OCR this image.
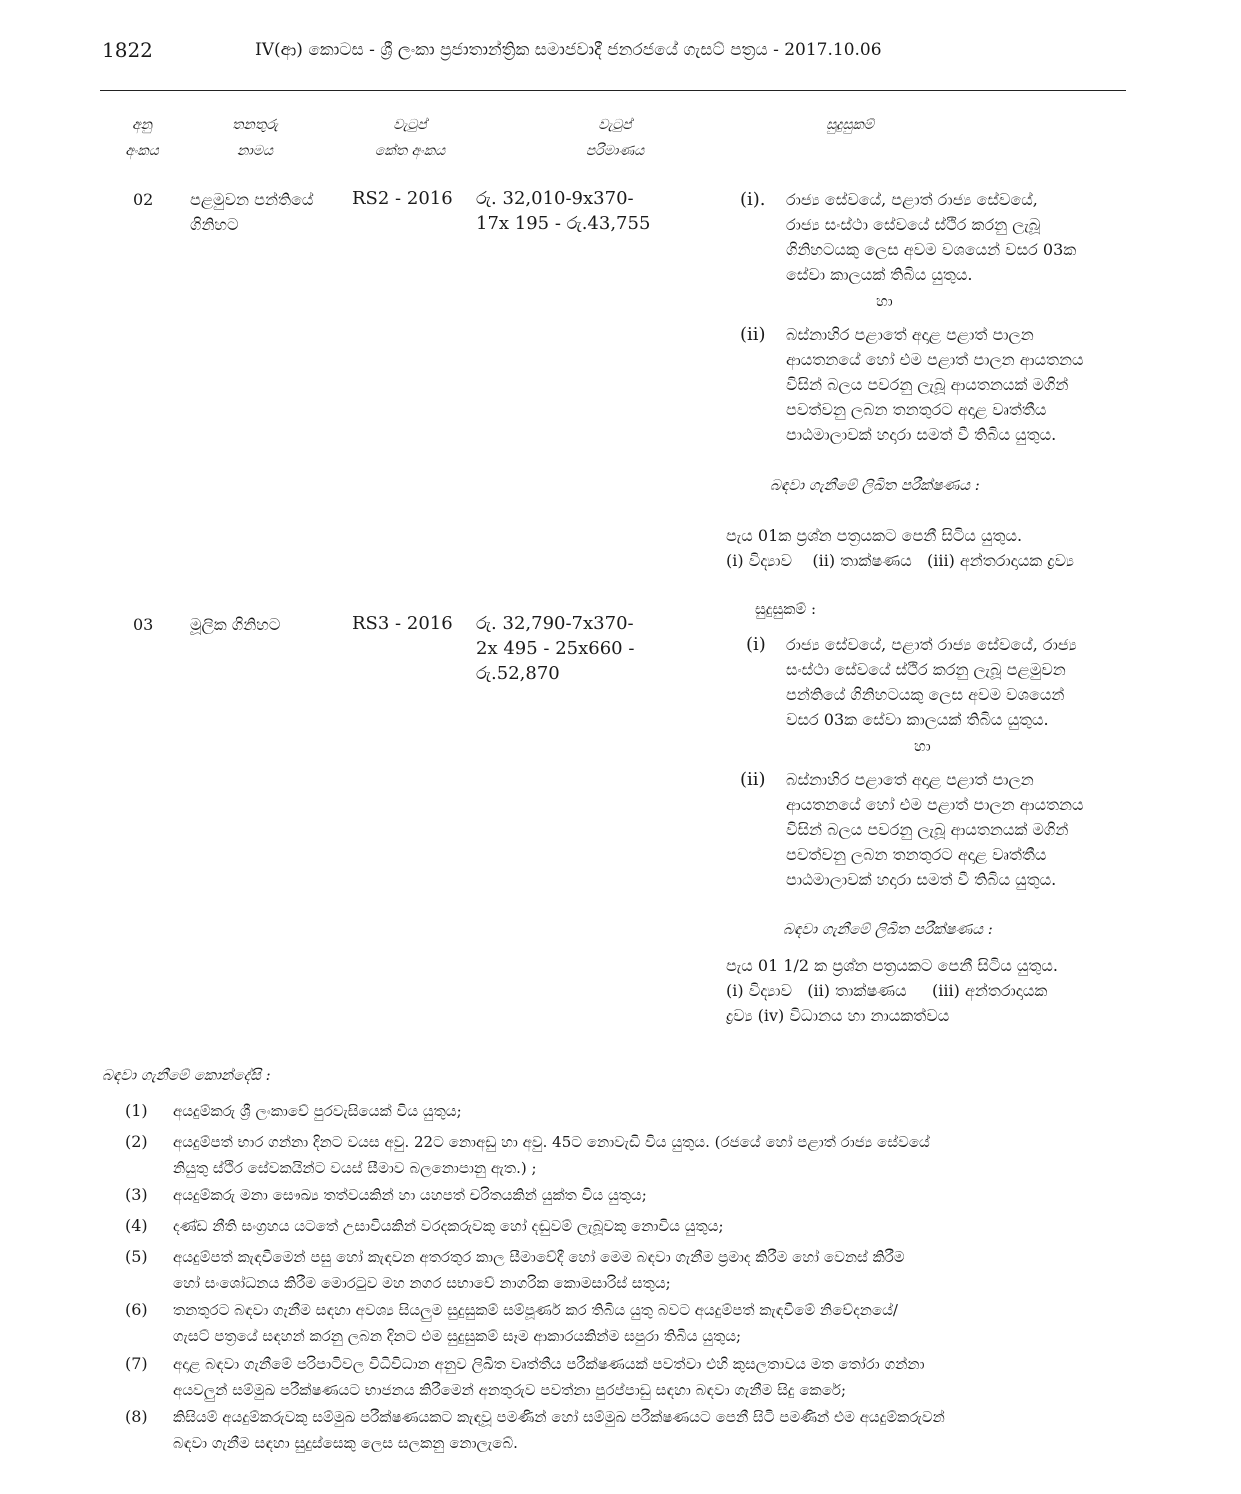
1822	IV(ආ) කොටස - ශ්‍රී ලංකා ප්‍රජාතාන්ත්‍රික සමාජවාදී ජනරජයේ ගැසට් පත්‍රය - 2017.10.06
අනු
අංකය
තනතුරු
නාමය
වැටුප්
කේත අංකය
වැටුප්
පරිමාණය
සුදුසුකම්
02 පළමුවන පන්තියේ
ගිනිහට
RS2 - 2016 රු. 32,010-9x370-
17x 195 - රු.43,755
(i). රාජ්‍ය සේවයේ, පළාත් රාජ්‍ය සේවයේ,
රාජ්‍ය සංස්ථා සේවයේ ස්ථිර කරනු ලැබූ
ගිනිහටයකු ලෙස අවම වශයෙන් වසර 03ක
සේවා කාලයක් තිබිය යුතුය.
හා
(ii) බස්නාහිර පළාතේ අදාළ පළාත් පාලන
ආයතනයේ හෝ එම පළාත් පාලන ආයතනය
විසින් බලය පවරනු ලැබූ ආයතනයක් මගින්
පවත්වනු ලබන තනතුරට අදාළ වෘත්තීය
පාඨමාලාවක් හදාරා සමත් වී තිබිය යුතුය.
බඳවා ගැනීමේ ලිඛිත පරීක්ෂණය :
පැය 01ක ප්‍රශ්න පත්‍රයකට පෙනී සිටිය යුතුය.
(i) විද්‍යාව    (ii) තාක්ෂණය   (iii) අන්තරාදායක ද්‍රව්‍ය
03 මූලික ගිනිහට	RS3 - 2016 රු. 32,790-7x370-
2x 495 - 25x660 -
රු.52,870
සුදුසුකම් :
(i) රාජ්‍ය සේවයේ, පළාත් රාජ්‍ය සේවයේ, රාජ්‍ය
සංස්ථා සේවයේ ස්ථිර කරනු ලැබූ පළමුවන
පන්තියේ ගිනිහටයකු ලෙස අවම වශයෙන්
වසර 03ක සේවා කාලයක් තිබිය යුතුය.
හා
(ii) බස්නාහිර පළාතේ අදාළ පළාත් පාලන
ආයතනයේ හෝ එම පළාත් පාලන ආයතනය
විසින් බලය පවරනු ලැබූ ආයතනයක් මගින්
පවත්වනු ලබන තනතුරට අදාළ වෘත්තීය
පාඨමාලාවක් හදාරා සමත් වී තිබිය යුතුය.
බඳවා ගැනීමේ ලිඛිත පරීක්ෂණය :
පැය 01 1/2 ක ප්‍රශ්න පත්‍රයකට පෙනී සිටිය යුතුය.
(i) විද්‍යාව   (ii) තාක්ෂණය     (iii) අන්තරාදායක
ද්‍රව්‍ය (iv) විධානය හා නායකත්වය
බඳවා ගැනීමේ කොන්දේසි :
(1) අයදුම්කරු ශ්‍රී ලංකාවේ පුරවැසියෙක් විය යුතුය;
(2) අයදුම්පත් භාර ගන්නා දිනට වයස අවු. 22ට නොඅඩු හා අවු. 45ට නොවැඩි විය යුතුය. (රජයේ හෝ පළාත් රාජ්‍ය සේවයේ
නියුතු ස්ථිර සේවකයින්ට වයස් සීමාව බලනොපානු ඇත.) ;
(3) අයදුම්කරු මනා සෞඛ්‍ය තත්වයකින් හා යහපත් චරිතයකින් යුක්ත විය යුතුය;
(4) දණ්ඩ නීති සංග්‍රහය යටතේ උසාවියකින් වරදකරුවකු හෝ දඬුවම් ලැබූවකු නොවිය යුතුය;
(5) අයදුම්පත් කැඳවීමෙන් පසු හෝ කැඳවන අතරතුර කාල සීමාවේදී හෝ මෙම බඳවා ගැනීම ප්‍රමාද කිරීම හෝ වෙනස් කිරීම
හෝ සංශෝධනය කිරීම මොරටුව මහ නගර සභාවේ නාගරික කොමසාරිස් සතුය;
(6) තනතුරට බඳවා ගැනීම සඳහා අවශ්‍ය සියලුම සුදුසුකම් සම්පූර්ණ කර තිබිය යුතු බවට අයදුම්පත් කැඳවීමේ නිවේදනයේ/
ගැසට් පත්‍රයේ සඳහන් කරනු ලබන දිනට එම සුදුසුකම් සෑම ආකාරයකින්ම සපුරා තිබිය යුතුය;
(7) අදාළ බඳවා ගැනීමේ පරිපාටිවල විධිවිධාන අනුව ලිඛිත වෘත්තීය පරීක්ෂණයක් පවත්වා එහි කුසලතාවය මත තෝරා ගන්නා
අයවලුන් සම්මුඛ පරීක්ෂණයට භාජනය කිරීමෙන් අනතුරුව පවත්නා පුරප්පාඩු සඳහා බඳවා ගැනීම සිදු කෙරේ;
(8) කිසියම් අයදුම්කරුවකු සම්මුඛ පරීක්ෂණයකට කැඳවූ පමණින් හෝ සම්මුඛ පරීක්ෂණයට පෙනී සිටි පමණින් එම අයදුම්කරුවන්
බඳවා ගැනීම සඳහා සුදුස්සෙකු ලෙස සලකනු නොලැබේ.
